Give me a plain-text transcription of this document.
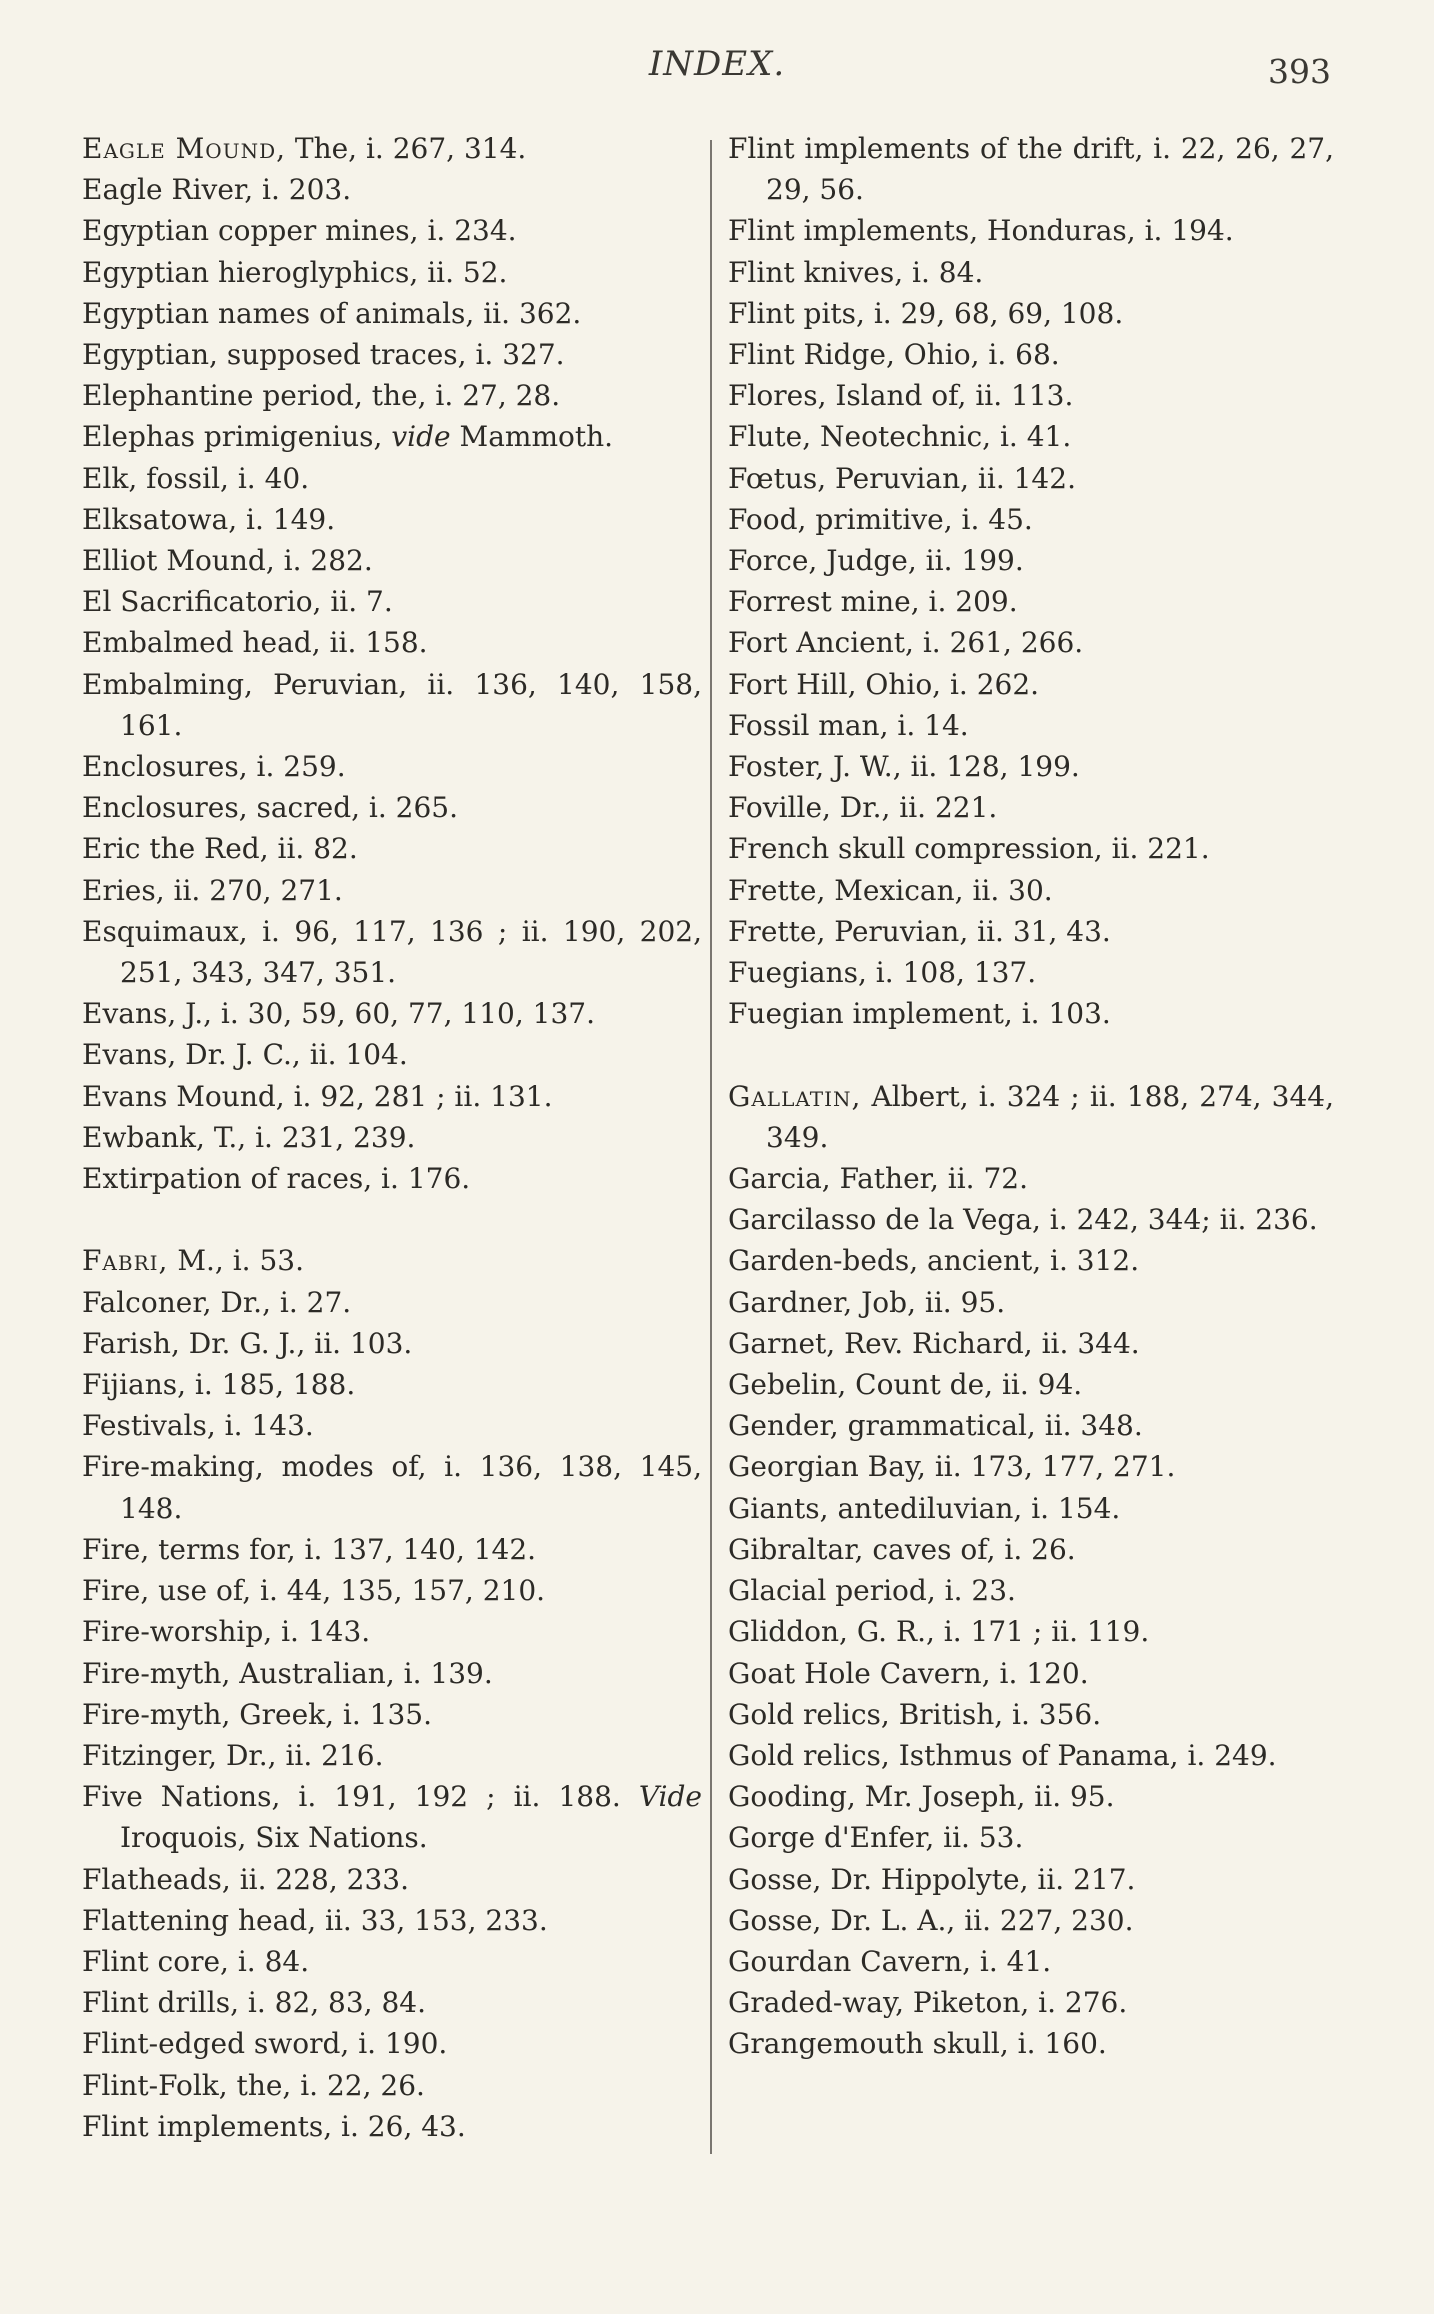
INDEX.	393
Eagle Mound, The, i. 267, 314.
Eagle River, i. 203.
Egyptian copper mines, i. 234.
Egyptian hieroglyphics, ii. 52.
Egyptian names of animals, ii. 362.
Egyptian, supposed traces, i. 327.
Elephantine period, the, i. 27, 28.
Elephas primigenius, vide Mammoth.
Elk, fossil, i. 40.
Elksatowa, i. 149.
Elliot Mound, i. 282.
El Sacrificatorio, ii. 7.
Embalmed head, ii. 158.
Embalming, Peruvian, ii. 136, 140, 158, 161.
Enclosures, i. 259.
Enclosures, sacred, i. 265.
Eric the Red, ii. 82.
Eries, ii. 270, 271.
Esquimaux, i. 96, 117, 136 ; ii. 190, 202, 251, 343, 347, 351.
Evans, J., i. 30, 59, 60, 77, 110, 137.
Evans, Dr. J. C., ii. 104.
Evans Mound, i. 92, 281 ; ii. 131.
Ewbank, T., i. 231, 239.
Extirpation of races, i. 176.
Fabri, M., i. 53.
Falconer, Dr., i. 27.
Farish, Dr. G. J., ii. 103.
Fijians, i. 185, 188.
Festivals, i. 143.
Fire-making, modes of, i. 136, 138, 145, 148.
Fire, terms for, i. 137, 140, 142.
Fire, use of, i. 44, 135, 157, 210.
Fire-worship, i. 143.
Fire-myth, Australian, i. 139.
Fire-myth, Greek, i. 135.
Fitzinger, Dr., ii. 216.
Five Nations, i. 191, 192 ; ii. 188. Vide Iroquois, Six Nations.
Flatheads, ii. 228, 233.
Flattening head, ii. 33, 153, 233.
Flint core, i. 84.
Flint drills, i. 82, 83, 84.
Flint-edged sword, i. 190.
Flint-Folk, the, i. 22, 26.
Flint implements, i. 26, 43.
Flint implements of the drift, i. 22, 26, 27, 29, 56.
Flint implements, Honduras, i. 194.
Flint knives, i. 84.
Flint pits, i. 29, 68, 69, 108.
Flint Ridge, Ohio, i. 68.
Flores, Island of, ii. 113.
Flute, Neotechnic, i. 41.
Fœtus, Peruvian, ii. 142.
Food, primitive, i. 45.
Force, Judge, ii. 199.
Forrest mine, i. 209.
Fort Ancient, i. 261, 266.
Fort Hill, Ohio, i. 262.
Fossil man, i. 14.
Foster, J. W., ii. 128, 199.
Foville, Dr., ii. 221.
French skull compression, ii. 221.
Frette, Mexican, ii. 30.
Frette, Peruvian, ii. 31, 43.
Fuegians, i. 108, 137.
Fuegian implement, i. 103.
Gallatin, Albert, i. 324 ; ii. 188, 274, 344, 349.
Garcia, Father, ii. 72.
Garcilasso de la Vega, i. 242, 344; ii. 236.
Garden-beds, ancient, i. 312.
Gardner, Job, ii. 95.
Garnet, Rev. Richard, ii. 344.
Gebelin, Count de, ii. 94.
Gender, grammatical, ii. 348.
Georgian Bay, ii. 173, 177, 271.
Giants, antediluvian, i. 154.
Gibraltar, caves of, i. 26.
Glacial period, i. 23.
Gliddon, G. R., i. 171 ; ii. 119.
Goat Hole Cavern, i. 120.
Gold relics, British, i. 356.
Gold relics, Isthmus of Panama, i. 249.
Gooding, Mr. Joseph, ii. 95.
Gorge d'Enfer, ii. 53.
Gosse, Dr. Hippolyte, ii. 217.
Gosse, Dr. L. A., ii. 227, 230.
Gourdan Cavern, i. 41.
Graded-way, Piketon, i. 276.
Grangemouth skull, i. 160.
